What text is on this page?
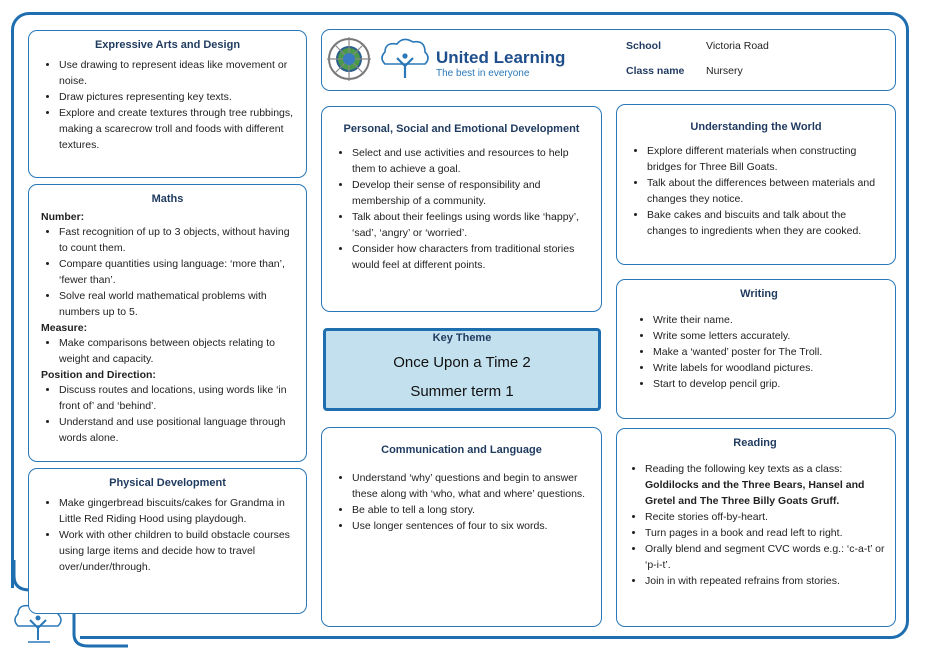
United Learning
The best in everyone
School	Victoria Road
Class name Nursery
Expressive Arts and Design
• Use drawing to represent ideas like movement or noise.
• Draw pictures representing key texts.
• Explore and create textures through tree rubbings, making a scarecrow troll and foods with different textures.
Maths
Number:
• Fast recognition of up to 3 objects, without having to count them.
• Compare quantities using language: ‘more than’, ‘fewer than’.
• Solve real world mathematical problems with numbers up to 5.
Measure:
• Make comparisons between objects relating to weight and capacity.
Position and Direction:
• Discuss routes and locations, using words like ‘in front of’ and ‘behind’.
• Understand and use positional language through words alone.
Physical Development
• Make gingerbread biscuits/cakes for Grandma in Little Red Riding Hood using playdough.
• Work with other children to build obstacle courses using large items and decide how to travel over/under/through.
Personal, Social and Emotional Development
• Select and use activities and resources to help them to achieve a goal.
• Develop their sense of responsibility and membership of a community.
• Talk about their feelings using words like ‘happy’, ‘sad’, ‘angry’ or ‘worried’.
• Consider how characters from traditional stories would feel at different points.
Key Theme
Once Upon a Time 2
Summer term 1
Communication and Language
• Understand ‘why’ questions and begin to answer these along with ‘who, what and where’ questions.
• Be able to tell a long story.
• Use longer sentences of four to six words.
Understanding the World
• Explore different materials when constructing bridges for Three Bill Goats.
• Talk about the differences between materials and changes they notice.
• Bake cakes and biscuits and talk about the changes to ingredients when they are cooked.
Writing
• Write their name.
• Write some letters accurately.
• Make a ‘wanted’ poster for The Troll.
• Write labels for woodland pictures.
• Start to develop pencil grip.
Reading
• Reading the following key texts as a class: Goldilocks and the Three Bears, Hansel and Gretel and The Three Billy Goats Gruff.
• Recite stories off-by-heart.
• Turn pages in a book and read left to right.
• Orally blend and segment CVC words e.g.: ‘c-a-t’ or ‘p-i-t’.
• Join in with repeated refrains from stories.
